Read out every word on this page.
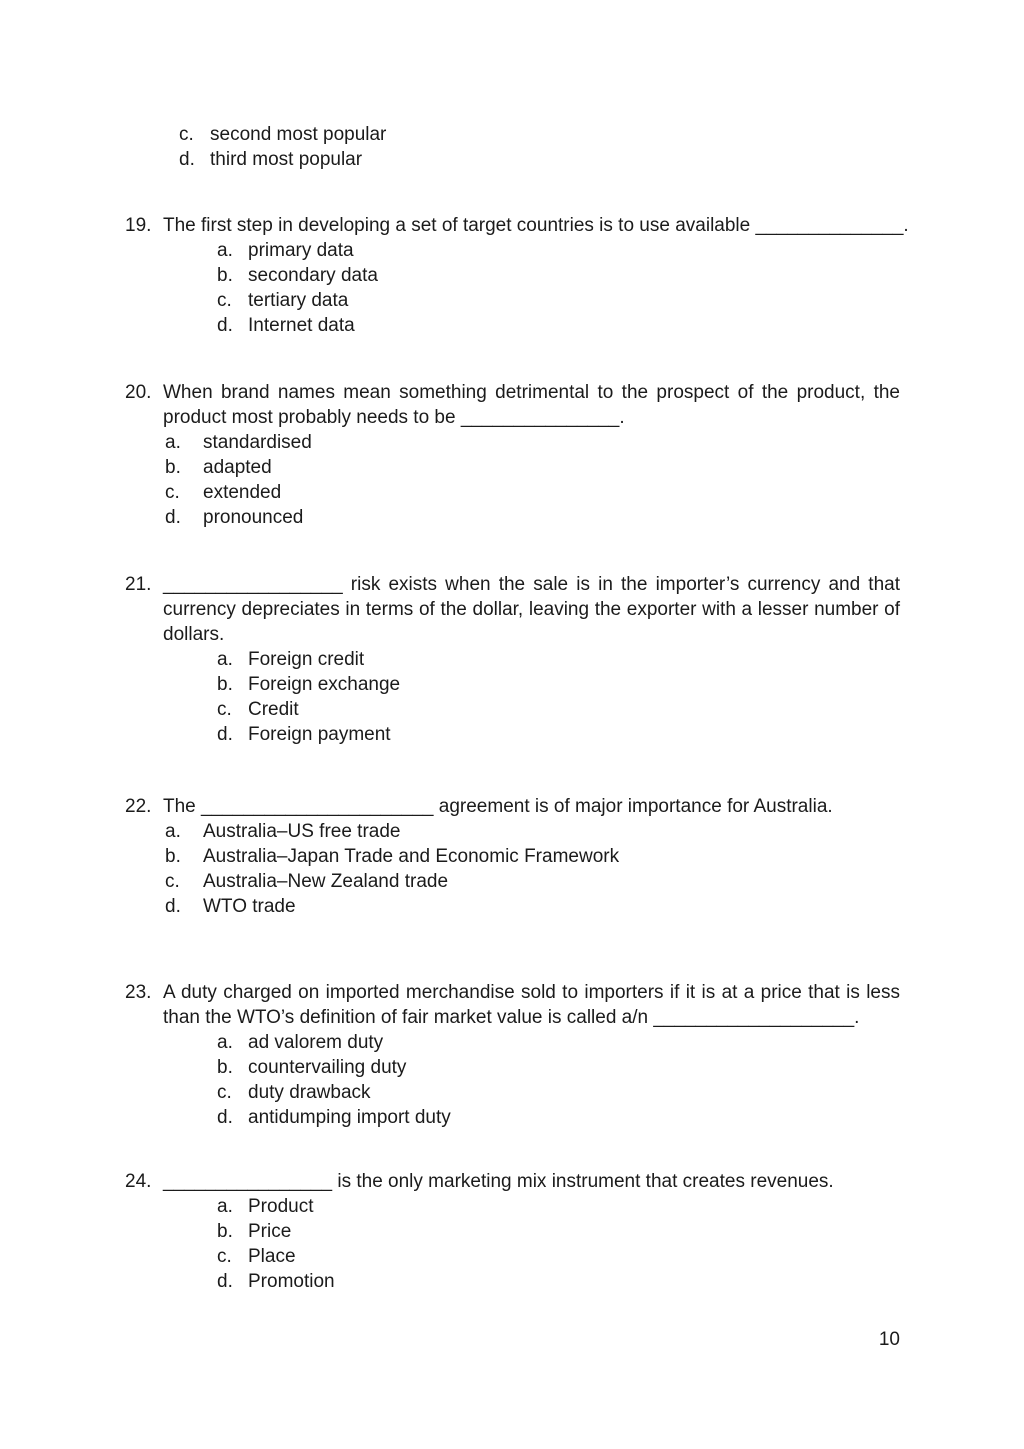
c. second most popular
d. third most popular
19. The first step in developing a set of target countries is to use available ______________.
a. primary data
b. secondary data
c. tertiary data
d. Internet data
20. When brand names mean something detrimental to the prospect of the product, the
product most probably needs to be _______________.
a.	standardised
b.	adapted
c.	extended
d.	pronounced
21. _________________ risk exists when the sale is in the importer’s currency and that
currency depreciates in terms of the dollar, leaving the exporter with a lesser number of
dollars.
a. Foreign credit
b. Foreign exchange
c. Credit
d. Foreign payment
22. The ______________________ agreement is of major importance for Australia.
a.	Australia–US free trade
b.	Australia–Japan Trade and Economic Framework
c.	Australia–New Zealand trade
d.	WTO trade
23. A duty charged on imported merchandise sold to importers if it is at a price that is less
than the WTO’s definition of fair market value is called a/n ___________________.
a. ad valorem duty
b. countervailing duty
c. duty drawback
d. antidumping import duty
24. ________________ is the only marketing mix instrument that creates revenues.
a. Product
b. Price
c. Place
d. Promotion
10
